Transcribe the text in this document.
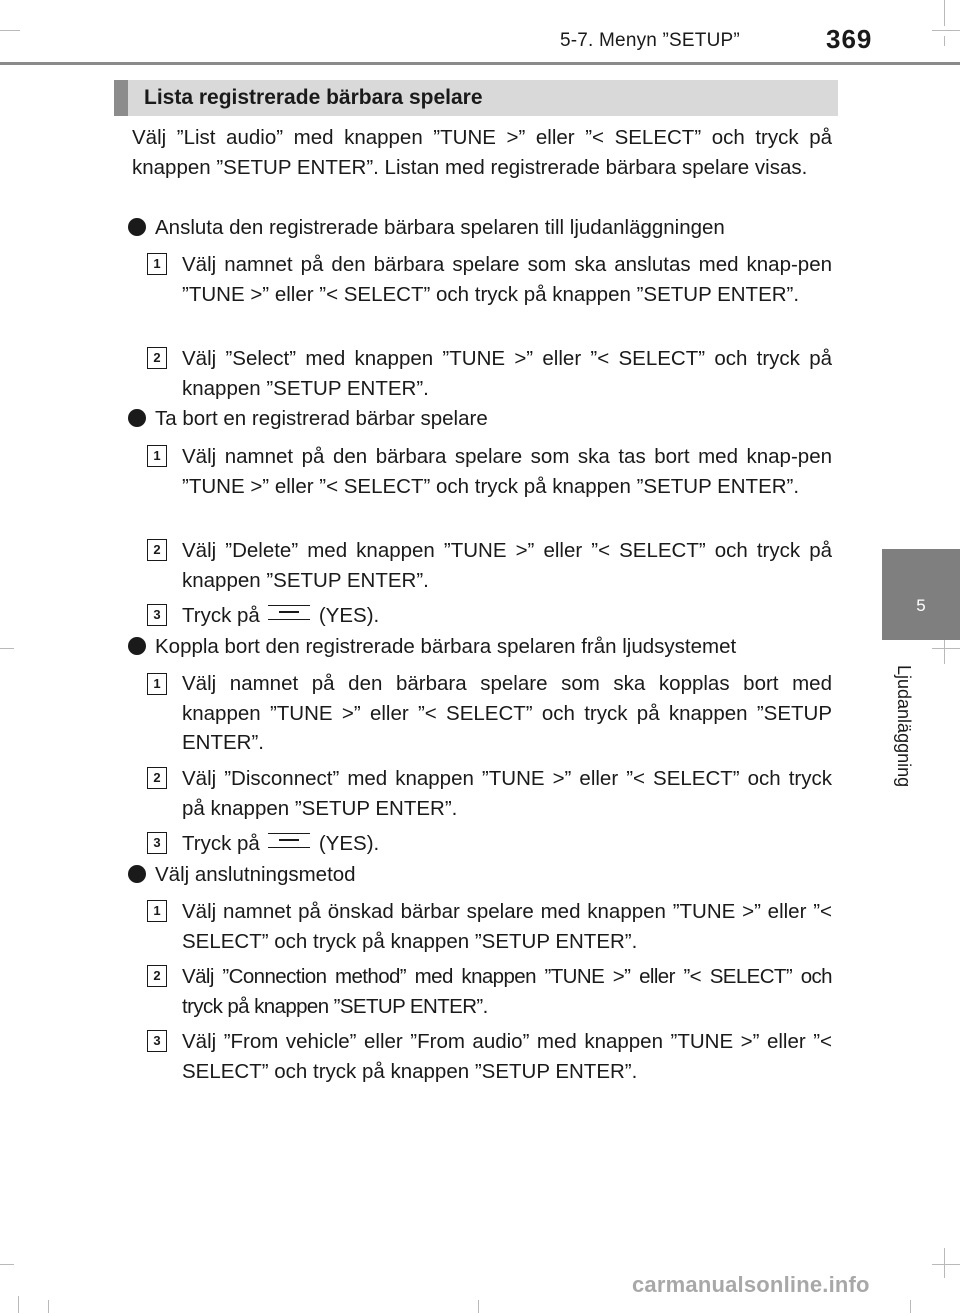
5-7. Menyn ”SETUP”	369
5
Ljudanläggning
Lista registrerade bärbara spelare
Välj ”List audio” med knappen ”TUNE >” eller ”< SELECT” och tryck på knappen ”SETUP ENTER”. Listan med registrerade bärbara spelare visas.
Ansluta den registrerade bärbara spelaren till ljudanläggningen
1	Välj namnet på den bärbara spelare som ska anslutas med knap-pen ”TUNE >” eller ”< SELECT” och tryck på knappen ”SETUP ENTER”.
2	Välj ”Select” med knappen ”TUNE >” eller ”< SELECT” och tryck på knappen ”SETUP ENTER”.
Ta bort en registrerad bärbar spelare
1	Välj namnet på den bärbara spelare som ska tas bort med knap-pen ”TUNE >” eller ”< SELECT” och tryck på knappen ”SETUP ENTER”.
2	Välj ”Delete” med knappen ”TUNE >” eller ”< SELECT” och tryck på knappen ”SETUP ENTER”.
3	Tryck på	(YES).
Koppla bort den registrerade bärbara spelaren från ljudsystemet
1	Välj namnet på den bärbara spelare som ska kopplas bort med knappen ”TUNE >” eller ”< SELECT” och tryck på knappen ”SETUP ENTER”.
2	Välj ”Disconnect” med knappen ”TUNE >” eller ”< SELECT” och tryck på knappen ”SETUP ENTER”.
3	Tryck på	(YES).
Välj anslutningsmetod
1	Välj namnet på önskad bärbar spelare med knappen ”TUNE >” eller ”< SELECT” och tryck på knappen ”SETUP ENTER”.
2	Välj ”Connection method” med knappen ”TUNE >” eller ”< SELECT” och tryck på knappen ”SETUP ENTER”.
3	Välj ”From vehicle” eller ”From audio” med knappen ”TUNE >” eller ”< SELECT” och tryck på knappen ”SETUP ENTER”.
carmanualsonline.info
